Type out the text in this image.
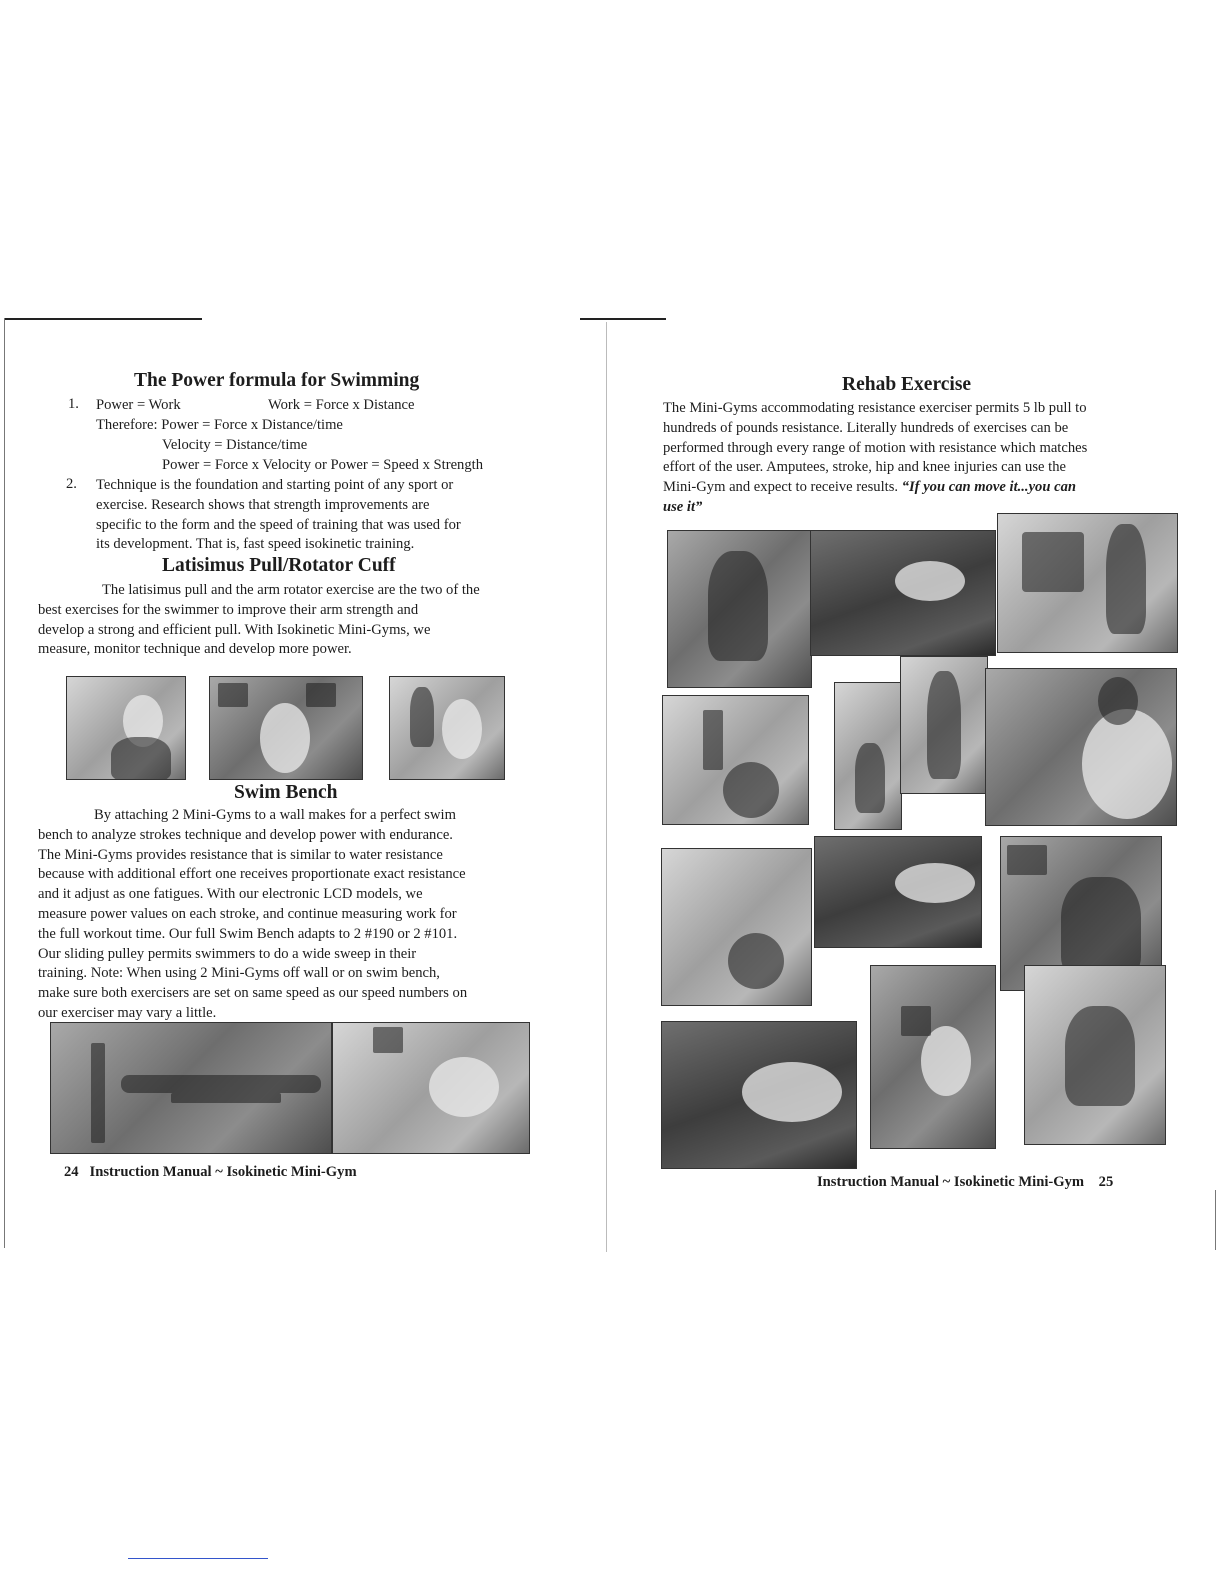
The Power formula for Swimming
1. Power = Work	Work = Force x Distance
Therefore: Power = Force x Distance/time
Velocity = Distance/time
Power = Force x Velocity or Power = Speed x Strength
2. Technique is the foundation and starting point of any sport or
exercise. Research shows that strength improvements are
specific to the form and the speed of training that was used for
its development. That is, fast speed isokinetic training.
Latisimus Pull/Rotator Cuff
The latisimus pull and the arm rotator exercise are the two of the
best exercises for the swimmer to improve their arm strength and
develop a strong and efficient pull. With Isokinetic Mini-Gyms, we
measure, monitor technique and develop more power.
Swim Bench
By attaching 2 Mini-Gyms to a wall makes for a perfect swim
bench to analyze strokes technique and develop power with endurance.
The Mini-Gyms provides resistance that is similar to water resistance
because with additional effort one receives proportionate exact resistance
and it adjust as one fatigues. With our electronic LCD models, we
measure power values on each stroke, and continue measuring work for
the full workout time. Our full Swim Bench adapts to 2 #190 or 2 #101.
Our sliding pulley permits swimmers to do a wide sweep in their
training. Note: When using 2 Mini-Gyms off wall or on swim bench,
make sure both exercisers are set on same speed as our speed numbers on
our exerciser may vary a little.
24 Instruction Manual ~ Isokinetic Mini-Gym
Rehab Exercise
The Mini-Gyms accommodating resistance exerciser permits 5 lb pull to
hundreds of pounds resistance. Literally hundreds of exercises can be
performed through every range of motion with resistance which matches
effort of the user. Amputees, stroke, hip and knee injuries can use the
Mini-Gym and expect to receive results. “If you can move it...you can
use it”
Instruction Manual ~ Isokinetic Mini-Gym 25
